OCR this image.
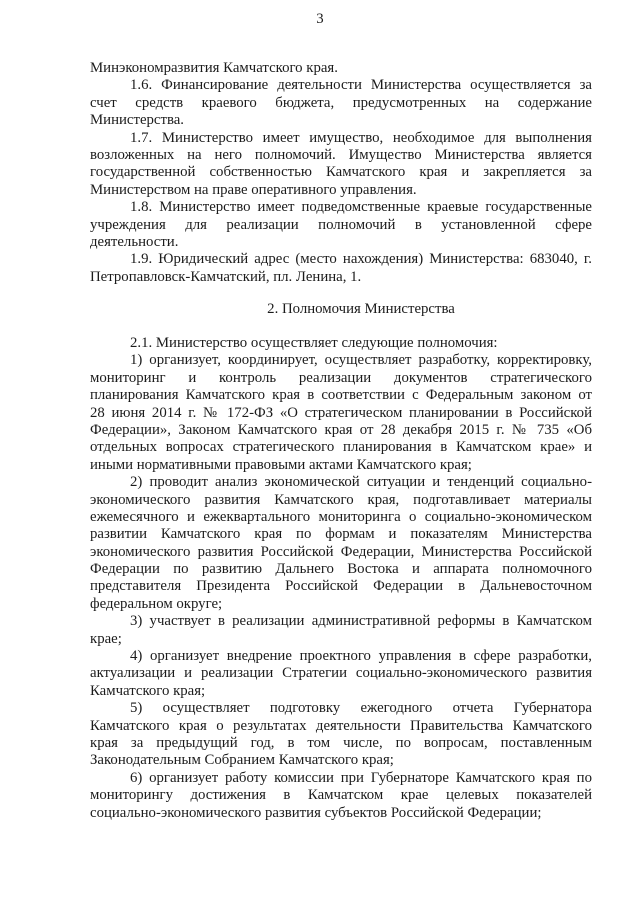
3
Минэкономразвития Камчатского края.
1.6. Финансирование деятельности Министерства осуществляется за
счет средств краевого бюджета, предусмотренных на содержание
Министерства.
1.7. Министерство имеет имущество, необходимое для выполнения
возложенных на него полномочий. Имущество Министерства является
государственной собственностью Камчатского края и закрепляется за
Министерством на праве оперативного управления.
1.8. Министерство имеет подведомственные краевые государственные
учреждения для реализации полномочий в установленной сфере
деятельности.
1.9. Юридический адрес (место нахождения) Министерства: 683040, г.
Петропавловск-Камчатский, пл. Ленина, 1.
2. Полномочия Министерства
2.1. Министерство осуществляет следующие полномочия:
1) организует, координирует, осуществляет разработку, корректировку,
мониторинг и контроль реализации документов стратегического
планирования Камчатского края в соответствии с Федеральным законом от
28 июня 2014 г. № 172-ФЗ «О стратегическом планировании в Российской
Федерации», Законом Камчатского края от 28 декабря 2015 г. № 735 «Об
отдельных вопросах стратегического планирования в Камчатском крае» и
иными нормативными правовыми актами Камчатского края;
2) проводит анализ экономической ситуации и тенденций социально-
экономического развития Камчатского края, подготавливает материалы
ежемесячного и ежеквартального мониторинга о социально-экономическом
развитии Камчатского края по формам и показателям Министерства
экономического развития Российской Федерации, Министерства Российской
Федерации по развитию Дальнего Востока и аппарата полномочного
представителя Президента Российской Федерации в Дальневосточном
федеральном округе;
3) участвует в реализации административной реформы в Камчатском
крае;
4) организует внедрение проектного управления в сфере разработки,
актуализации и реализации Стратегии социально-экономического развития
Камчатского края;
5) осуществляет подготовку ежегодного отчета Губернатора
Камчатского края о результатах деятельности Правительства Камчатского
края за предыдущий год, в том числе, по вопросам, поставленным
Законодательным Собранием Камчатского края;
6) организует работу комиссии при Губернаторе Камчатского края по
мониторингу достижения в Камчатском крае целевых показателей
социально-экономического развития субъектов Российской Федерации;
